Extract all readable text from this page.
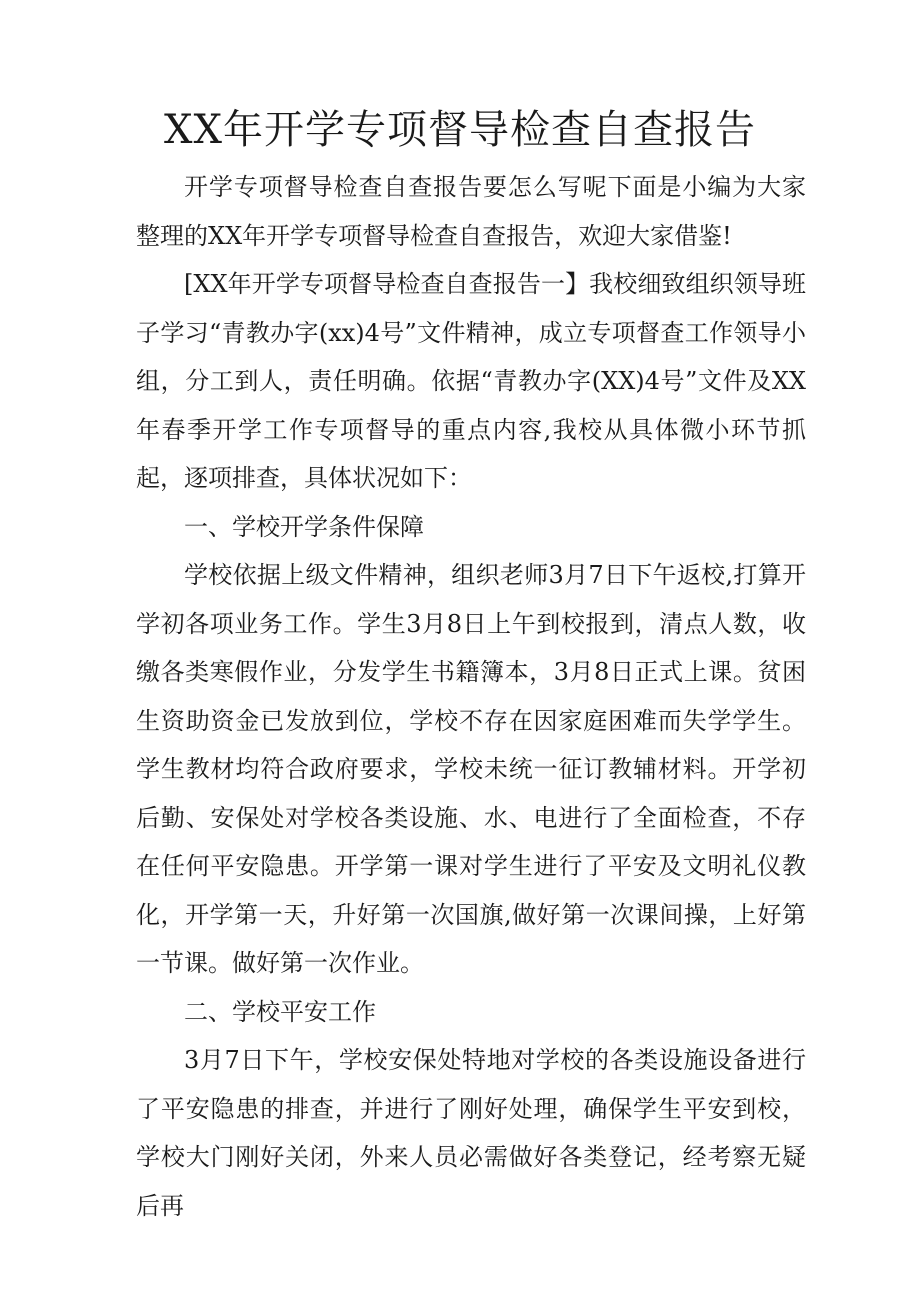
XX年开学专项督导检查自查报告

开学专项督导检查自查报告要怎么写呢下面是小编为大家整理的XX年开学专项督导检查自查报告，欢迎大家借鉴!

[XX年开学专项督导检查自查报告一】我校细致组织领导班子学习“青教办字(xx)4号”文件精神，成立专项督查工作领导小组，分工到人，责任明确。依据“青教办字(XX)4号”文件及XX年春季开学工作专项督导的重点内容,我校从具体微小环节抓起，逐项排查，具体状况如下：

一、学校开学条件保障

学校依据上级文件精神，组织老师3月7日下午返校,打算开学初各项业务工作。学生3月8日上午到校报到，清点人数，收缴各类寒假作业，分发学生书籍簿本，3月8日正式上课。贫困生资助资金已发放到位，学校不存在因家庭困难而失学学生。学生教材均符合政府要求，学校未统一征订教辅材料。开学初后勤、安保处对学校各类设施、水、电进行了全面检查，不存在任何平安隐患。开学第一课对学生进行了平安及文明礼仪教化，开学第一天，升好第一次国旗,做好第一次课间操，上好第一节课。做好第一次作业。

二、学校平安工作

3月7日下午，学校安保处特地对学校的各类设施设备进行了平安隐患的排查，并进行了刚好处理，确保学生平安到校，学校大门刚好关闭，外来人员必需做好各类登记，经考察无疑后再
